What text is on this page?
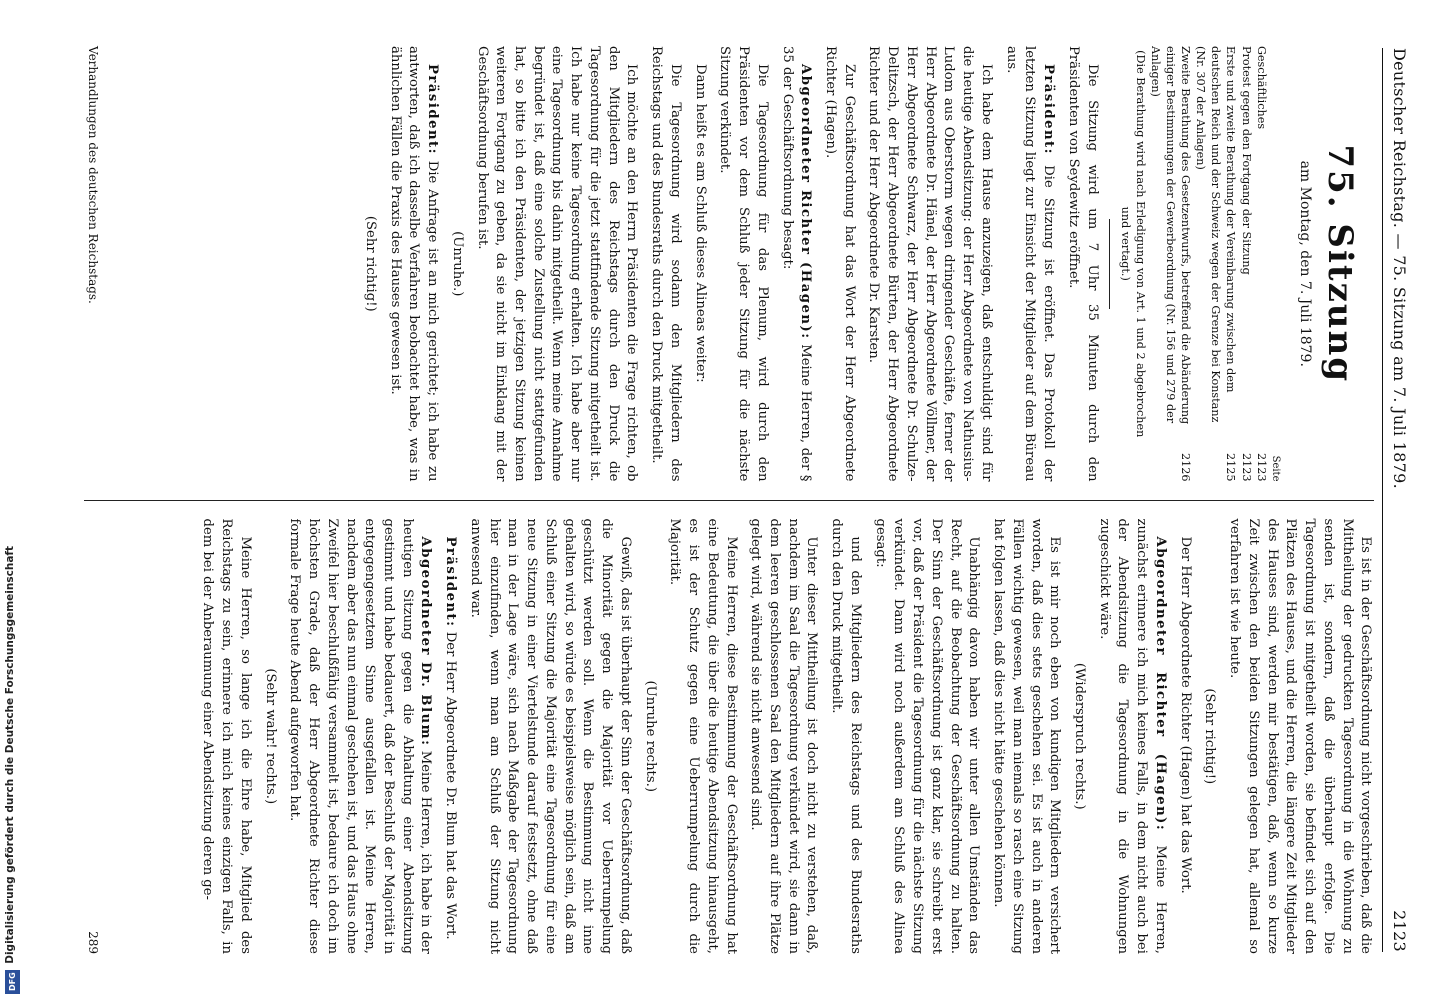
Digitalisierung gefördert durch die Deutsche Forschungsgemeinschaft
DFG
Deutscher Reichstag. — 75. Sitzung am 7. Juli 1879.
2123
75. Sitzung
am Montag, den 7. Juli 1879.
Seite
Geschäftliches
2123
Protest gegen den Fortgang der Sitzung
2123
Erste und zweite Berathung der Vereinbarung zwischen dem deutschen Reich und der Schweiz wegen der Grenze bei Konstanz (Nr. 307 der Anlagen)
2125
Zweite Berathung des Gesetzentwurfs, betreffend die Abänderung einiger Bestimmungen der Gewerbeordnung (Nr. 156 und 279 der Anlagen)
2126
(Die Berathung wird nach Erledigung von Art. 1 und 2 abgebrochen und vertagt.)

Die Sitzung wird um 7 Uhr 35 Minuten durch den Präsidenten von Seydewitz eröffnet.

Präsident: Die Sitzung ist eröffnet. Das Protokoll der letzten Sitzung liegt zur Einsicht der Mitglieder auf dem Büreau aus.

Ich habe dem Hause anzuzeigen, daß entschuldigt sind für die heutige Abendsitzung: der Herr Abgeordnete von Nathusius-Ludom aus Oberstorm wegen dringender Geschäfte, ferner der Herr Abgeordnete Dr. Hänel, der Herr Abgeordnete Völlmer, der Herr Abgeordnete Schwarz, der Herr Abgeordnete Dr. Schulze-Delitzsch, der Herr Abgeordnete Bürten, der Herr Abgeordnete Richter und der Herr Abgeordnete Dr. Karsten.

Zur Geschäftsordnung hat das Wort der Herr Abgeordnete Richter (Hagen).

Abgeordneter Richter (Hagen): Meine Herren, der § 35 der Geschäftsordnung besagt:

Die Tagesordnung für das Plenum, wird durch den Präsidenten vor dem Schluß jeder Sitzung für die nächste Sitzung verkündet.

Dann heißt es am Schluß dieses Alineas weiter:

Die Tagesordnung wird sodann den Mitgliedern des Reichstags und des Bundesraths durch den Druck mitgetheilt.

Ich möchte an den Herrn Präsidenten die Frage richten, ob den Mitgliedern des Reichstags durch den Druck die Tagesordnung für die jetzt stattfindende Sitzung mitgetheilt ist. Ich habe nur keine Tagesordnung erhalten. Ich habe aber nur eine Tagesordnung bis dahin mitgetheilt. Wenn meine Annahme begründet ist, daß eine solche Zustellung nicht stattgefunden hat, so bitte ich den Präsidenten, der jetzigen Sitzung keinen weiteren Fortgang zu geben, da sie nicht im Einklang mit der Geschäftsordnung berufen ist.

(Unruhe.)

Präsident: Die Anfrage ist an mich gerichtet; ich habe zu antworten, daß ich dasselbe Verfahren beobachtet habe, was in ähnlichen Fällen die Praxis des Hauses gewesen ist.

(Sehr richtig!)
Verhandlungen des deutschen Reichstags.

Es ist in der Geschäftsordnung nicht vorgeschrieben, daß die Mittheilung der gedruckten Tagesordnung in die Wohnung zu senden ist, sondern, daß die überhaupt erfolge. Die Tagesordnung ist mitgetheilt worden, sie befindet sich auf den Plätzen des Hauses, und die Herren, die längere Zeit Mitglieder des Hauses sind, werden mir bestätigen, daß, wenn so kurze Zeit zwischen den beiden Sitzungen gelegen hat, allemal so verfahren ist wie heute.

(Sehr richtig!)

Der Herr Abgeordnete Richter (Hagen) hat das Wort.

Abgeordneter Richter (Hagen): Meine Herren, zunächst erinnere ich mich keines Falls, in dem nicht auch bei der Abendsitzung die Tagesordnung in die Wohnungen zugeschickt wäre.

(Widerspruch rechts.)

Es ist mir noch eben von kundigen Mitgliedern versichert worden, daß dies stets geschehen sei. Es ist auch in anderen Fällen wichtig gewesen, weil man niemals so rasch eine Sitzung hat folgen lassen, daß dies nicht hätte geschehen können.

Unabhängig davon haben wir unter allen Umständen das Recht, auf die Beobachtung der Geschäftsordnung zu halten. Der Sinn der Geschäftsordnung ist ganz klar, sie schreibt erst vor, daß der Präsident die Tagesordnung für die nächste Sitzung verkündet. Dann wird noch außerdem am Schluß des Alinea gesagt:

und den Mitgliedern des Reichstags und des Bundesraths durch den Druck mitgetheilt.

Unter dieser Mittheilung ist doch nicht zu verstehen, daß, nachdem im Saal die Tagesordnung verkündet wird, sie dann in dem leeren geschlossenen Saal den Mitgliedern auf ihre Plätze gelegt wird, während sie nicht anwesend sind.

Meine Herren, diese Bestimmung der Geschäftsordnung hat eine Bedeutung, die über die heutige Abendsitzung hinausgeht, es ist der Schutz gegen eine Ueberrumpelung durch die Majorität.

(Unruhe rechts.)

Gewiß, das ist überhaupt der Sinn der Geschäftsordnung, daß die Minorität gegen die Majorität vor Ueberrumpelung geschützt werden soll. Wenn die Bestimmung nicht inne gehalten wird, so würde es beispielsweise möglich sein, daß am Schluß einer Sitzung die Majorität eine Tagesordnung für eine neue Sitzung in einer Viertelstunde darauf festsetzt, ohne daß man in der Lage wäre, sich nach Maßgabe der Tagesordnung hier einzufinden, wenn man am Schluß der Sitzung nicht anwesend war.

Präsident: Der Herr Abgeordnete Dr. Blum hat das Wort.

Abgeordneter Dr. Blum: Meine Herren, ich habe in der heutigen Sitzung gegen die Abhaltung einer Abendsitzung gestimmt und habe bedauert, daß der Beschluß der Majorität in entgegengesetztem Sinne ausgefallen ist. Meine Herren, nachdem aber das nun einmal geschehen ist, und das Haus ohne Zweifel hier beschlußfähig versammelt ist, bedaure ich doch im höchsten Grade, daß der Herr Abgeordnete Richter diese formale Frage heute Abend aufgeworfen hat.

(Sehr wahr! rechts.)

Meine Herren, so lange ich die Ehre habe, Mitglied des Reichstags zu sein, erinnere ich mich keines einzigen Falls, in dem bei der Anberaumung einer Abendsitzung deren ge-

289
